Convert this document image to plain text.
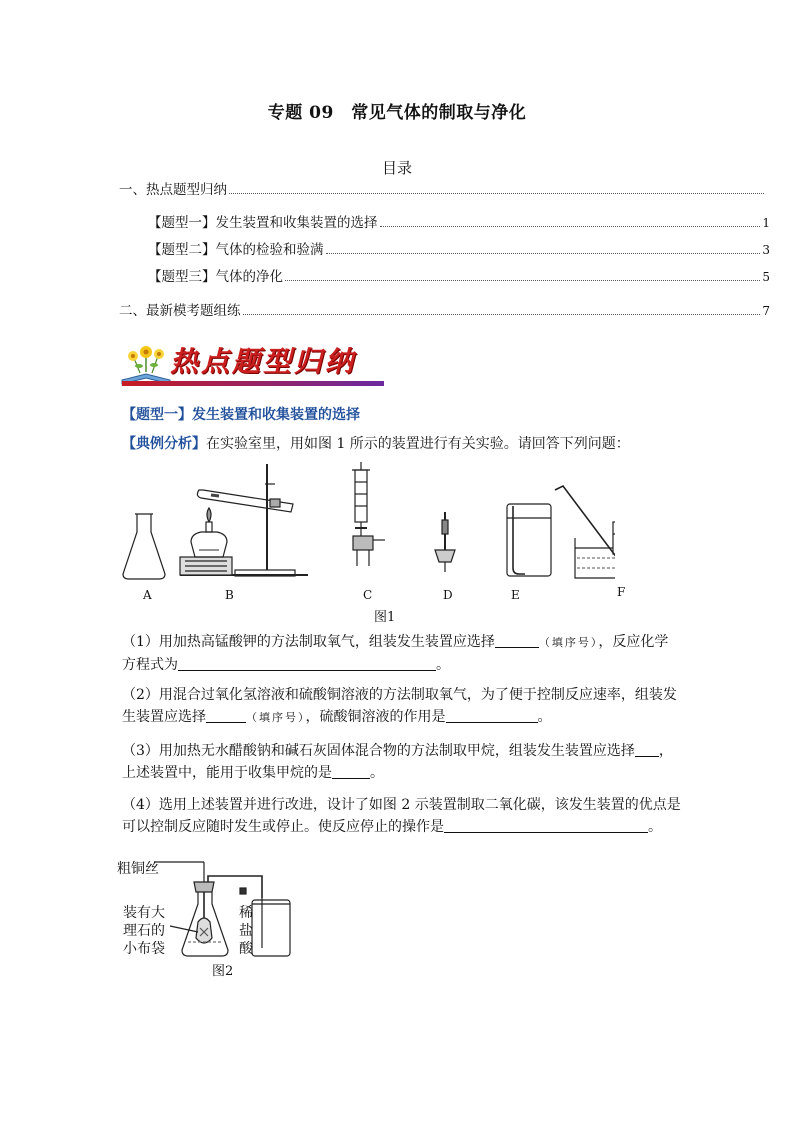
专题 09　常见气体的制取与净化
目录
一、热点题型归纳
【题型一】发生装置和收集装置的选择	1
【题型二】气体的检验和验满	3
【题型三】气体的净化	5
二、最新模考题组练	7
热点题型归纳
【题型一】发生装置和收集装置的选择
【典例分析】在实验室里，用如图 1 所示的装置进行有关实验。请回答下列问题：
A	B	C	D	E	F
图1
（1）用加热高锰酸钾的方法制取氧气，组装发生装置应选择	（填序号），反应化学
方程式为	。
（2）用混合过氧化氢溶液和硫酸铜溶液的方法制取氧气，为了便于控制反应速率，组装发
生装置应选择	（填序号），硫酸铜溶液的作用是	。
（3）用加热无水醋酸钠和碱石灰固体混合物的方法制取甲烷，组装发生装置应选择 ，
上述装置中，能用于收集甲烷的是	。
（4）选用上述装置并进行改进，设计了如图 2 示装置制取二氧化碳，该发生装置的优点是
可以控制反应随时发生或停止。使反应停止的操作是	。
粗铜丝
装有大
理石的
小布袋
稀
盐
酸
图2
